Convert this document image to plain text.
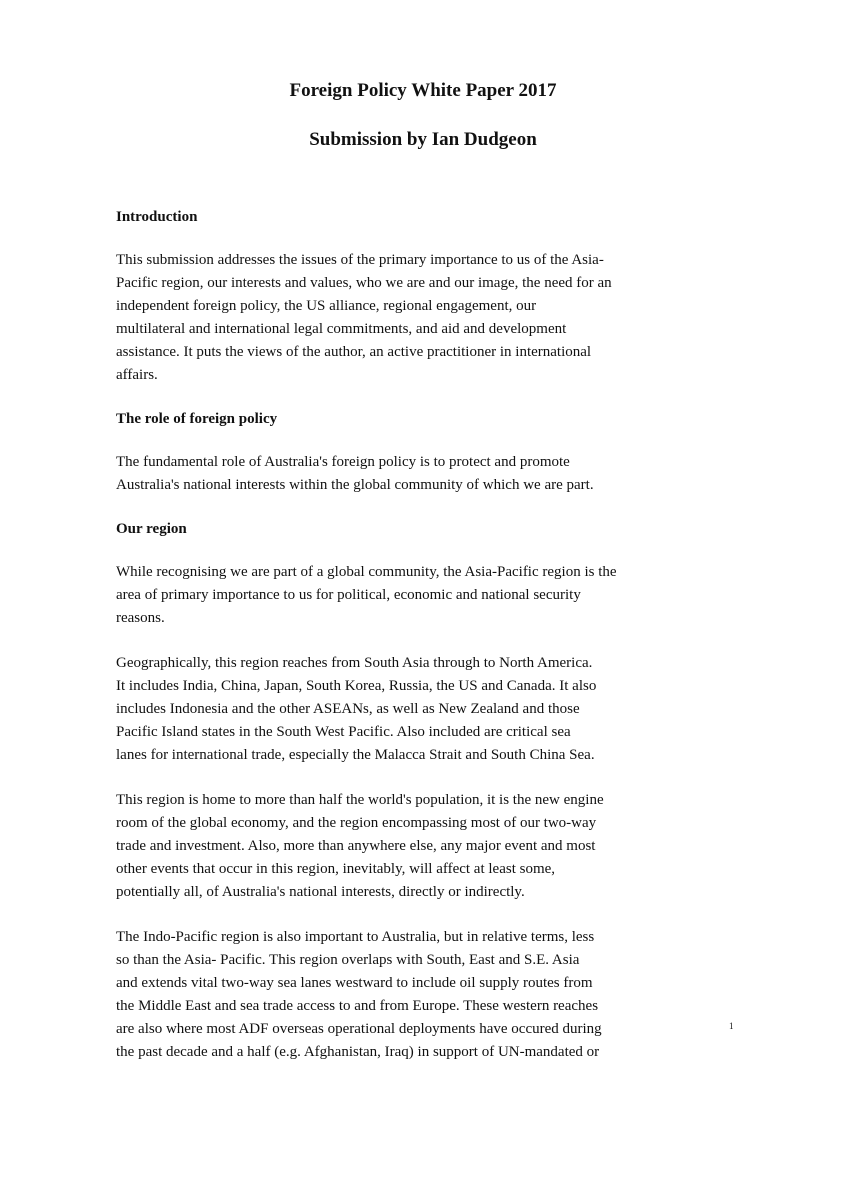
Foreign Policy White Paper 2017
Submission by Ian Dudgeon
Introduction

This submission addresses the issues of the primary importance to us of the Asia-
Pacific region, our interests and values, who we are and our image, the need for an
independent foreign policy, the US alliance, regional engagement, our
multilateral and international legal commitments, and aid and development
assistance. It puts the views of the author, an active practitioner in international
affairs.

The role of foreign policy

The fundamental role of Australia's foreign policy is to protect and promote
Australia's national interests within the global community of which we are part.

Our region

While recognising we are part of a global community, the Asia-Pacific region is the
area of primary importance to us for political, economic and national security
reasons.

Geographically, this region reaches from South Asia through to North America.
It includes India, China, Japan, South Korea, Russia, the US and Canada. It also
includes Indonesia and the other ASEANs, as well as New Zealand and those
Pacific Island states in the South West Pacific. Also included are critical sea
lanes for international trade, especially the Malacca Strait and South China Sea.

This region is home to more than half the world's population, it is the new engine
room of the global economy, and the region encompassing most of our two-way
trade and investment. Also, more than anywhere else, any major event and most
other events that occur in this region, inevitably, will affect at least some,
potentially all, of Australia's national interests, directly or indirectly.

The Indo-Pacific region is also important to Australia, but in relative terms, less
so than the Asia- Pacific. This region overlaps with South, East and S.E. Asia
and extends vital two-way sea lanes westward to include oil supply routes from
the Middle East and sea trade access to and from Europe. These western reaches
are also where most ADF overseas operational deployments have occured during
the past decade and a half (e.g. Afghanistan, Iraq) in support of UN-mandated or

1
